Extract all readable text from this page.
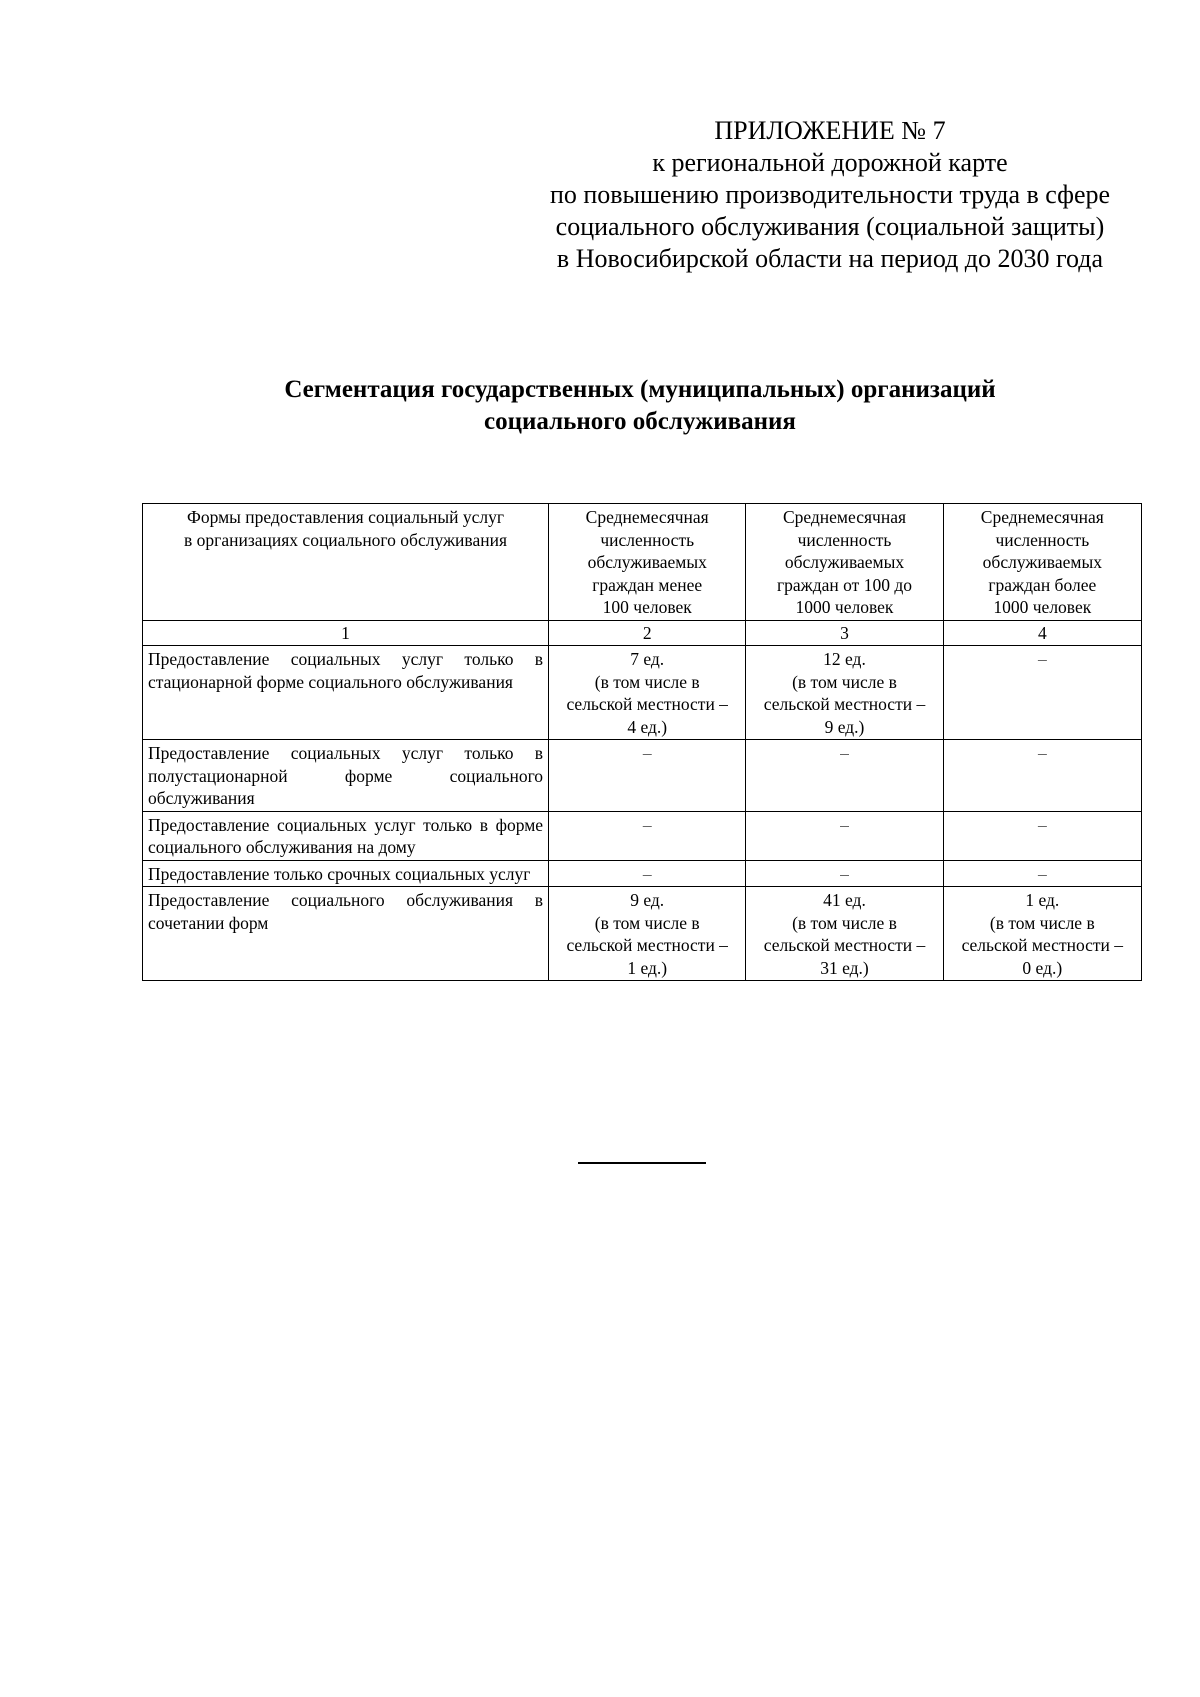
ПРИЛОЖЕНИЕ № 7
к региональной дорожной карте
по повышению производительности труда в сфере
социального обслуживания (социальной защиты)
в Новосибирской области на период до 2030 года
Сегментация государственных (муниципальных) организаций
социального обслуживания
Формы предоставления социальный услуг
в организациях социального обслуживания	Среднемесячная
численность
обслуживаемых
граждан менее
100 человек	Среднемесячная
численность
обслуживаемых
граждан от 100 до
1000 человек	Среднемесячная
численность
обслуживаемых
граждан более
1000 человек
1	2	3	4
Предоставление социальных услуг только в стационарной форме социального обслуживания	7 ед.
(в том числе в
сельской местности –
4 ед.)	12 ед.
(в том числе в
сельской местности –
9 ед.)	–
Предоставление социальных услуг только в полустационарной форме социального обслуживания	–	–	–
Предоставление социальных услуг только в форме социального обслуживания на дому	–	–	–
Предоставление только срочных социальных услуг	–	–	–
Предоставление социального обслуживания в сочетании форм	9 ед.
(в том числе в
сельской местности –
1 ед.)	41 ед.
(в том числе в
сельской местности –
31 ед.)	1 ед.
(в том числе в
сельской местности –
0 ед.)
